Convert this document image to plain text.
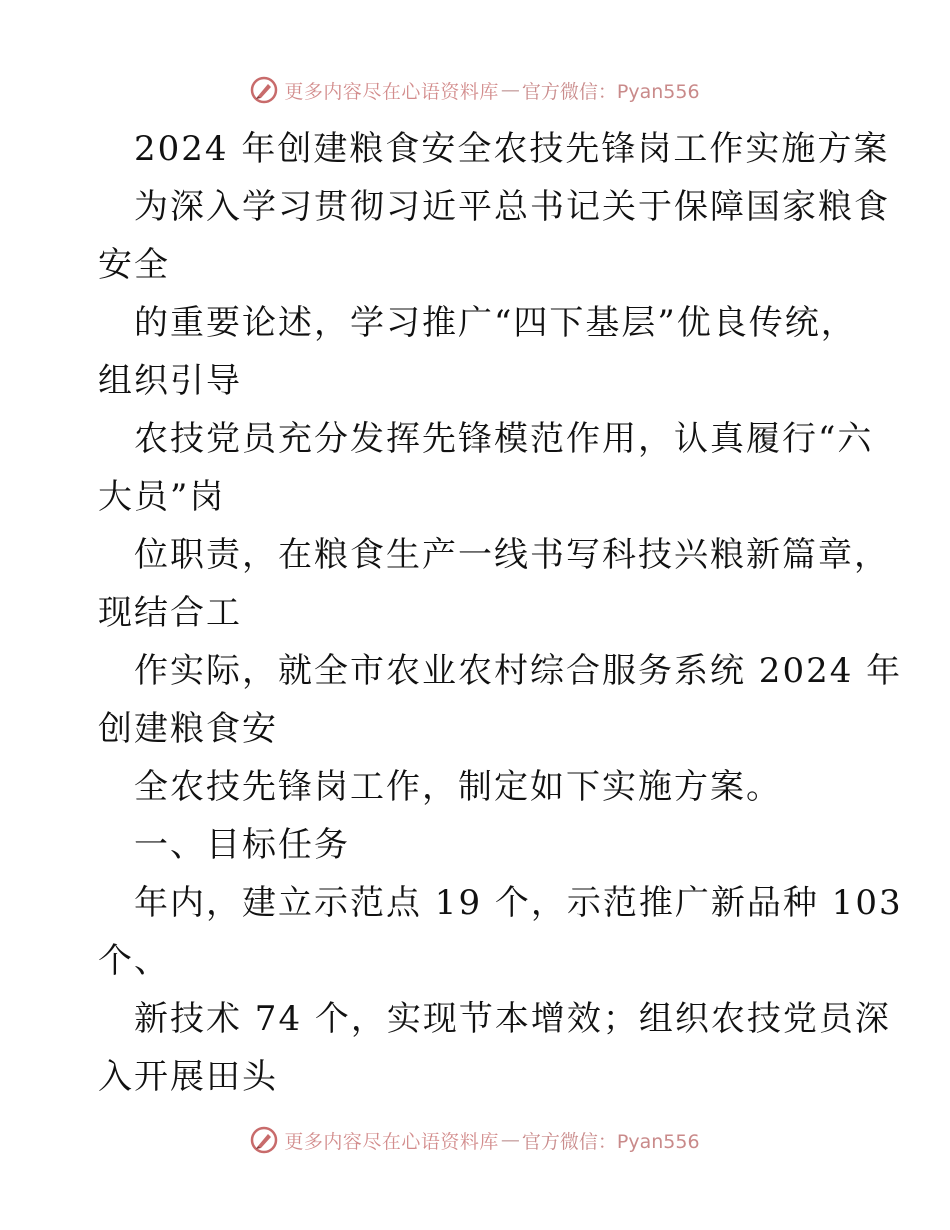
更多内容尽在心语资料库 — 官方微信：Pyan556
2024 年创建粮食安全农技先锋岗工作实施方案
为深入学习贯彻习近平总书记关于保障国家粮食
安全
的重要论述，学习推广“四下基层”优良传统，
组织引导
农技党员充分发挥先锋模范作用，认真履行“六
大员”岗
位职责，在粮食生产一线书写科技兴粮新篇章，
现结合工
作实际，就全市农业农村综合服务系统 2024 年
创建粮食安
全农技先锋岗工作，制定如下实施方案。
一、目标任务
年内，建立示范点 19 个，示范推广新品种 103
个、
新技术 74 个，实现节本增效；组织农技党员深
入开展田头
更多内容尽在心语资料库 — 官方微信：Pyan556
